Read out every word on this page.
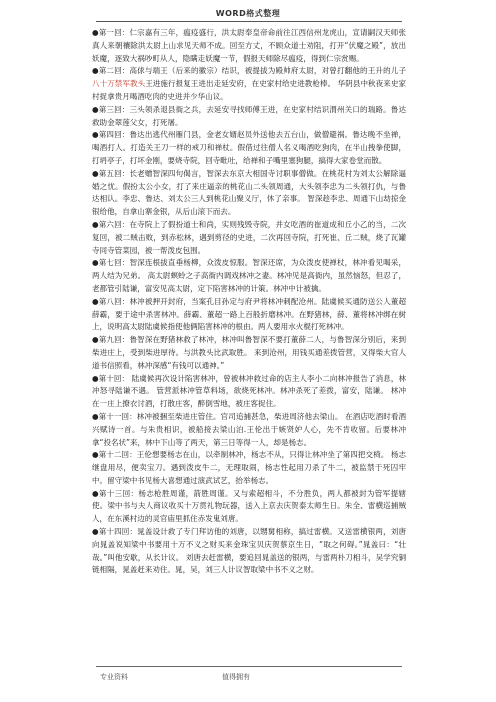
WORD格式整理

●第一回：仁宗嘉有三年，瘟疫盛行，洪太尉奉皇帝命前往江西信州龙虎山，宣请嗣汉天师张真人来朝禳除洪太尉上山求见天师不成。回至方丈，不顾众道士劝阻，打开“伏魔之殿”，放出妖魔，逐致大祸吵町从人，隐瞒走妖魔一节，假报天师除尽瘟疫，得到仁宗赏赐。

●第二回：高俅与端王（后来的徽宗）结识，被提拔为殿帅府太尉，对曾打翻他的王升的儿子八十万禁军教头王进施行报复王进出走延安府，在史家村给史进教枪棒。 华阴县中秋夜来史家村捉拿贵月喝酒吃肉的史进并少华山议。

●第三回：三头领杀退县衙之兵，去延安寻找师傅王进，在史家村结识渭州关口的瑞路。鲁达救助金翠莲父女，打死屠。

●第四回：鲁达出逃代州雁门县，金老女婿赵员外送他去五台山，做僧避祸。鲁达晚不坐禅，喝酒打人。打造关王刀一样的戒刀和禅杖。假借过往僧人名义喝酒吃狗肉，在半山拽拳使脚，打坍亭子，打坏金刚，要烧寺院，回寺毗吐，给禅和子嘴里塞狗腿，搞得大家卷堂而散。

●第五回：长老赠智深四句偈言，智深去东京大相国寺讨职事僧做。在桃花村为刘太公解除逼婚之忧。假扮太公小女，打了来庄逼亲的桃花山二头领周通，大头领李忠为二头领打仇，与鲁达相认。李忠、鲁达、刘太公三人到桃花山聚义厅，休了亲事。 智深趁李忠、周通下山劫掠金银给他，自拿山寨金银，从后山滚下而去。

●第六回：在寺院上了假扮道士和尚，实则残毁寺院，并女吃酒的崔道成和丘小乙的当，二次复回，被二贼击败，到赤松林，遇到剪径的史进，二次再回寺院，打死崔、丘二贼，烧了瓦罐寺同寺管菜园，被一帮泼皮包围。

●第七回：智深连根拔直垂杨柳，众泼皮惊服。智深还席，为众泼皮使禅杖，林冲看见喝采，两人结为兄弟。 高太尉螟蛉之子高衙内调戏林冲之妻。林冲见是高衙内，虽然恼怒，但忍了，老都管引陆谦，富安见高太尉，定下陷害林冲的计策。林冲中计被擒。

●第八回：林冲被押开封府，当案孔目孙定与府尹将林冲刺配沧州。陆虞候买通防送公人董超薛霸，要于途中杀害林冲。薛霸、董超一路上百般折磨林冲。在野猪林，薛、董将林冲绑在树上，说明高太尉陆虞候指使他俩陷害林冲的根由。两人要用水火棍打死林冲。

●第九回：鲁智深在野猪林救了林冲，林冲叫鲁智深不要打董薛二人，与鲁智深分别后，来到柴进庄上，受到柴进厚待。与洪教头比武取胜。 来到沧州，用钱买通差拨管营，又得柴大官人道书信照看，林冲深感“有钱可以通神。”

●第十回： 陆虞候再次设计陷害林冲，曾被林冲救过命的店主人李小二向林冲报告了消息，林冲怒寻陆谦不遇。 管营派林冲管草料场，欲烧死林冲。林冲杀死了差拨，富安，陆谦。 林冲在一庄上撩衣讨酒，打散庄客，醉倒雪地，被庄客捉住。

●第十一回：林冲被捆至柴进庄管住。官司追捕甚急，柴进周济他去梁山。 在酒店吃酒时看酒兴赋诗一首。与朱贵相识，被船接去梁山泊.王伦出于嫉贤妒人心，先不肯收留。后要林冲拿“投名状”来，林中下山等了两天，第三日等得一人，却是杨志。

●第十二回：王伦想要杨志在山，以牵制林冲，杨志不从，只得让林冲坐了第四把交椅。 杨志继盘用尽，便卖宝刀。遇到泼皮牛二，无理取闹，杨志性起用刀杀了牛二，被监禁于死囚牢中。留守梁中书见杨大喜想通过演武试艺，抬举杨志。

●第十三回：杨志枪胜周谨，箭胜周谨。又与索超相斗，不分胜负，两人都被封为管军提辖使。梁中书与夫人商议收买十万贯礼物玩器，送入上京去庆贺泰太师生日。朱全、雷横巡捕贼人，在东溪村边的灵官庙里抓住赤发鬼刘唐。

●第十四回：晁盖设计救了专门拜访他的刘唐，以甥舅相称，搞过雷横。又送雷横银两，刘唐向晁盖说知梁中书要用十万不义之财买来金珠宝贝庆贺蔡京生日，“取之何碍。”晁盖曰：“壮哉。”叫他安歇，从长计议。 刘唐去赶雷横，要追回晁盖送的银两，与雷两朴刀相斗，吴学究铜链相隔，晁盖赶来劝住。晁，吴，刘三人计议智取梁中书不义之财。

专业资料	值得拥有
